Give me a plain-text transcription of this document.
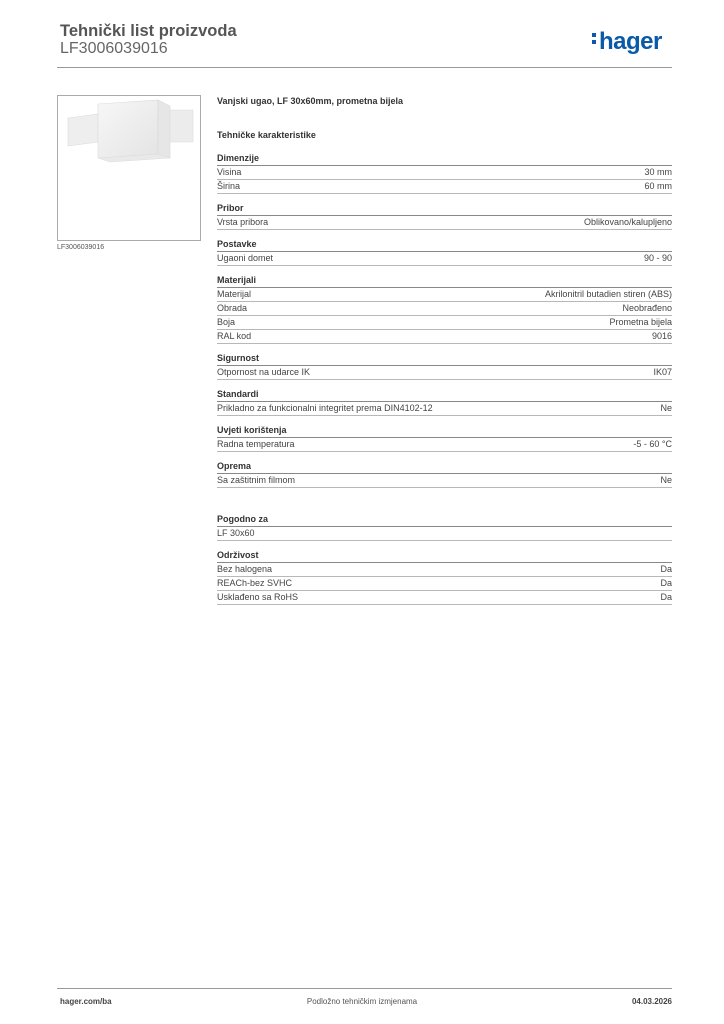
Tehnički list proizvoda
LF3006039016	hager
LF3006039016
Vanjski ugao, LF 30x60mm, prometna bijela
Tehničke karakteristike
Dimenzije
Visina	30 mm
Širina	60 mm
Pribor
Vrsta pribora	Oblikovano/kalupljeno
Postavke
Ugaoni domet	90 - 90
Materijali
Materijal	Akrilonitril butadien stiren (ABS)
Obrada	Neobrađeno
Boja	Prometna bijela
RAL kod	9016
Sigurnost
Otpornost na udarce IK	IK07
Standardi
Prikladno za funkcionalni integritet prema DIN4102-12	Ne
Uvjeti korištenja
Radna temperatura	-5 - 60 °C
Oprema
Sa zaštitnim filmom	Ne
Pogodno za
LF 30x60
Održivost
Bez halogena	Da
REACh-bez SVHC	Da
Usklađeno sa RoHS	Da
hager.com/ba	Podložno tehničkim izmjenama	04.03.2026
